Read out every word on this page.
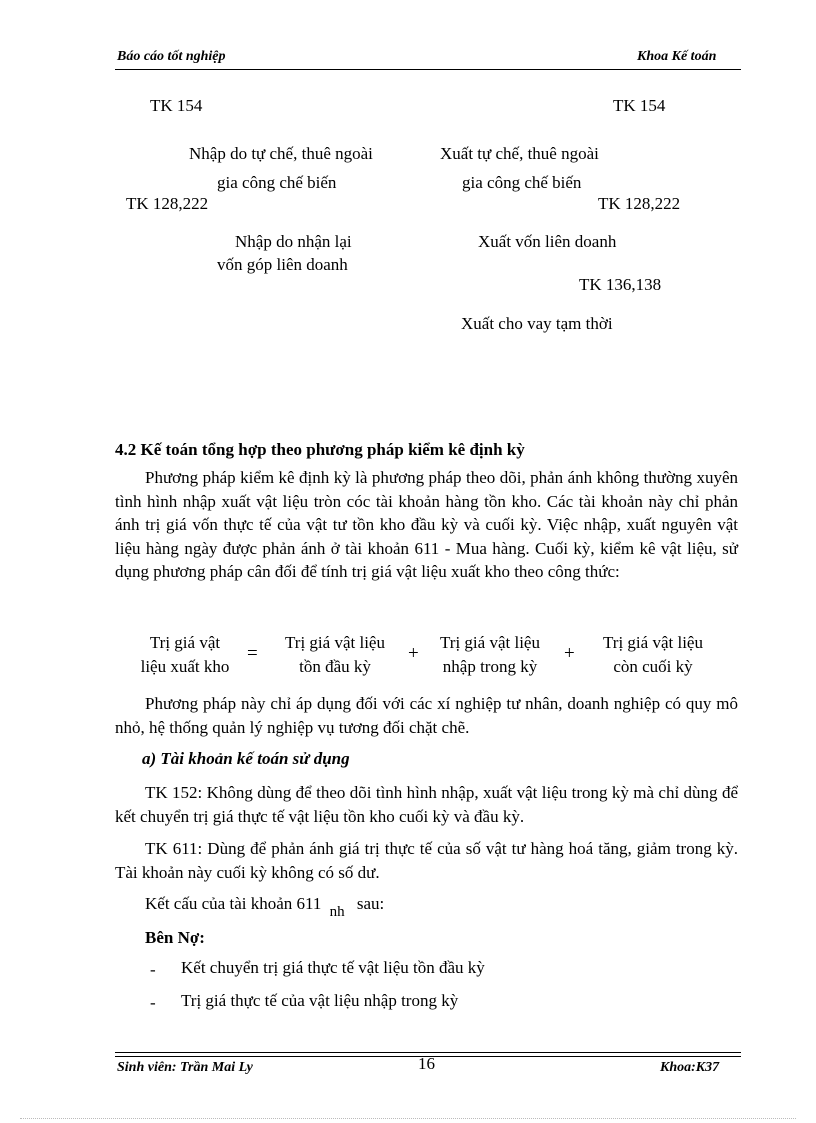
Báo cáo tốt nghiệp	Khoa Kế toán
TK 154	TK 154
Nhập do tự chế, thuê ngoài
gia công chế biến
Xuất tự chế, thuê ngoài
gia công chế biến
TK 128,222	TK 128,222
Nhập do nhận lại
vốn góp liên doanh
Xuất vốn liên doanh
TK 136,138
Xuất cho vay tạm thời
4.2 Kế toán tổng hợp theo phương pháp kiểm kê định kỳ
Phương pháp kiểm kê định kỳ là phương pháp theo dõi, phản ánh không thường xuyên tình hình nhập xuất vật liệu tròn cóc tài khoản hàng tồn kho. Các tài khoản này chỉ phản ánh trị giá vốn thực tế của vật tư tồn kho đầu kỳ và cuối kỳ. Việc nhập, xuất nguyên vật liệu hàng ngày được phản ánh ở tài khoản 611 - Mua hàng. Cuối kỳ, kiểm kê vật liệu, sử dụng phương pháp cân đối để tính trị giá vật liệu xuất kho theo công thức:
Trị giá vật
liệu xuất kho
=
Trị giá vật liệu
tồn đầu kỳ
+
Trị giá vật liệu
nhập trong kỳ
+
Trị giá vật liệu
còn cuối kỳ
Phương pháp này chỉ áp dụng đối với các xí nghiệp tư nhân, doanh nghiệp có quy mô nhỏ, hệ thống quản lý nghiệp vụ tương đối chặt chẽ.
a) Tài khoản kế toán sử dụng
TK 152: Không dùng để theo dõi tình hình nhập, xuất vật liệu trong kỳ mà chỉ dùng để kết chuyển trị giá thực tế vật liệu tồn kho cuối kỳ và đầu kỳ.
TK 611: Dùng để phản ánh giá trị thực tế của số vật tư hàng hoá tăng, giảm trong kỳ. Tài khoản này cuối kỳ không có số dư.
Kết cấu của tài khoản 611 nh sau:
Bên Nợ:
- Kết chuyển trị giá thực tế vật liệu tồn đầu kỳ
- Trị giá thực tế của vật liệu nhập trong kỳ
Sinh viên: Trần Mai Ly	16	Khoa:K37
